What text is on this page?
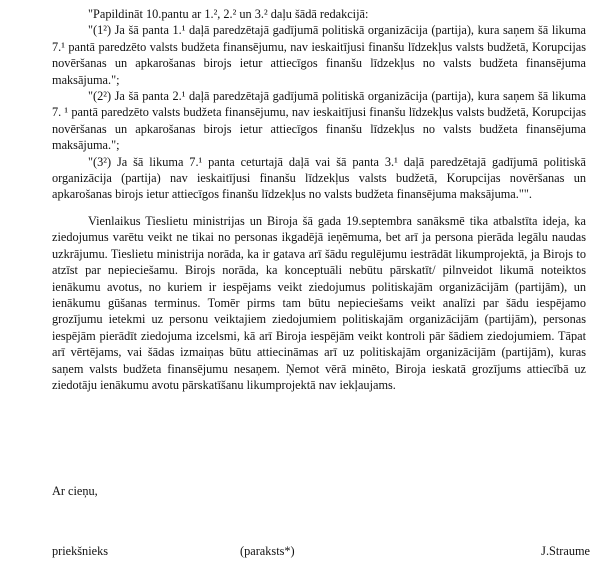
"Papildināt 10.pantu ar 1.², 2.² un 3.² daļu šādā redakcijā:

"(1²) Ja šā panta 1.¹ daļā paredzētajā gadījumā politiskā organizācija (partija), kura saņem šā likuma 7.¹ pantā paredzēto valsts budžeta finansējumu, nav ieskaitījusi finanšu līdzekļus valsts budžetā, Korupcijas novēršanas un apkarošanas birojs ietur attiecīgos finanšu līdzekļus no valsts budžeta finansējuma maksājuma.";

"(2²) Ja šā panta 2.¹ daļā paredzētajā gadījumā politiskā organizācija (partija), kura saņem šā likuma 7. ¹ pantā paredzēto valsts budžeta finansējumu, nav ieskaitījusi finanšu līdzekļus valsts budžetā, Korupcijas novēršanas un apkarošanas birojs ietur attiecīgos finanšu līdzekļus no valsts budžeta finansējuma maksājuma.";

"(3²) Ja šā likuma 7.¹ panta ceturtajā daļā vai šā panta 3.¹ daļā paredzētajā gadījumā politiskā organizācija (partija) nav ieskaitījusi finanšu līdzekļus valsts budžetā, Korupcijas novēršanas un apkarošanas birojs ietur attiecīgos finanšu līdzekļus no valsts budžeta finansējuma maksājuma."".

Vienlaikus Tieslietu ministrijas un Biroja šā gada 19.septembra sanāksmē tika atbalstīta ideja, ka ziedojumus varētu veikt ne tikai no personas ikgadējā ieņēmuma, bet arī ja persona pierāda legālu naudas uzkrājumu. Tieslietu ministrija norāda, ka ir gatava arī šādu regulējumu iestrādāt likumprojektā, ja Birojs to atzīst par nepieciešamu. Birojs norāda, ka konceptuāli nebūtu pārskatīt/ pilnveidot likumā noteiktos ienākumu avotus, no kuriem ir iespējams veikt ziedojumus politiskajām organizācijām (partijām), un ienākumu gūšanas terminus. Tomēr pirms tam būtu nepieciešams veikt analīzi par šādu iespējamo grozījumu ietekmi uz personu veiktajiem ziedojumiem politiskajām organizācijām (partijām), personas iespējām pierādīt ziedojuma izcelsmi, kā arī Biroja iespējām veikt kontroli pār šādiem ziedojumiem. Tāpat arī vērtējams, vai šādas izmaiņas būtu attiecināmas arī uz politiskajām organizācijām (partijām), kuras saņem valsts budžeta finansējumu nesaņem. Ņemot vērā minēto, Biroja ieskatā grozījums attiecībā uz ziedotāju ienākumu avotu pārskatīšanu likumprojektā nav iekļaujams.

Ar cieņu,
priekšnieks	(paraksts*)	J.Straume
